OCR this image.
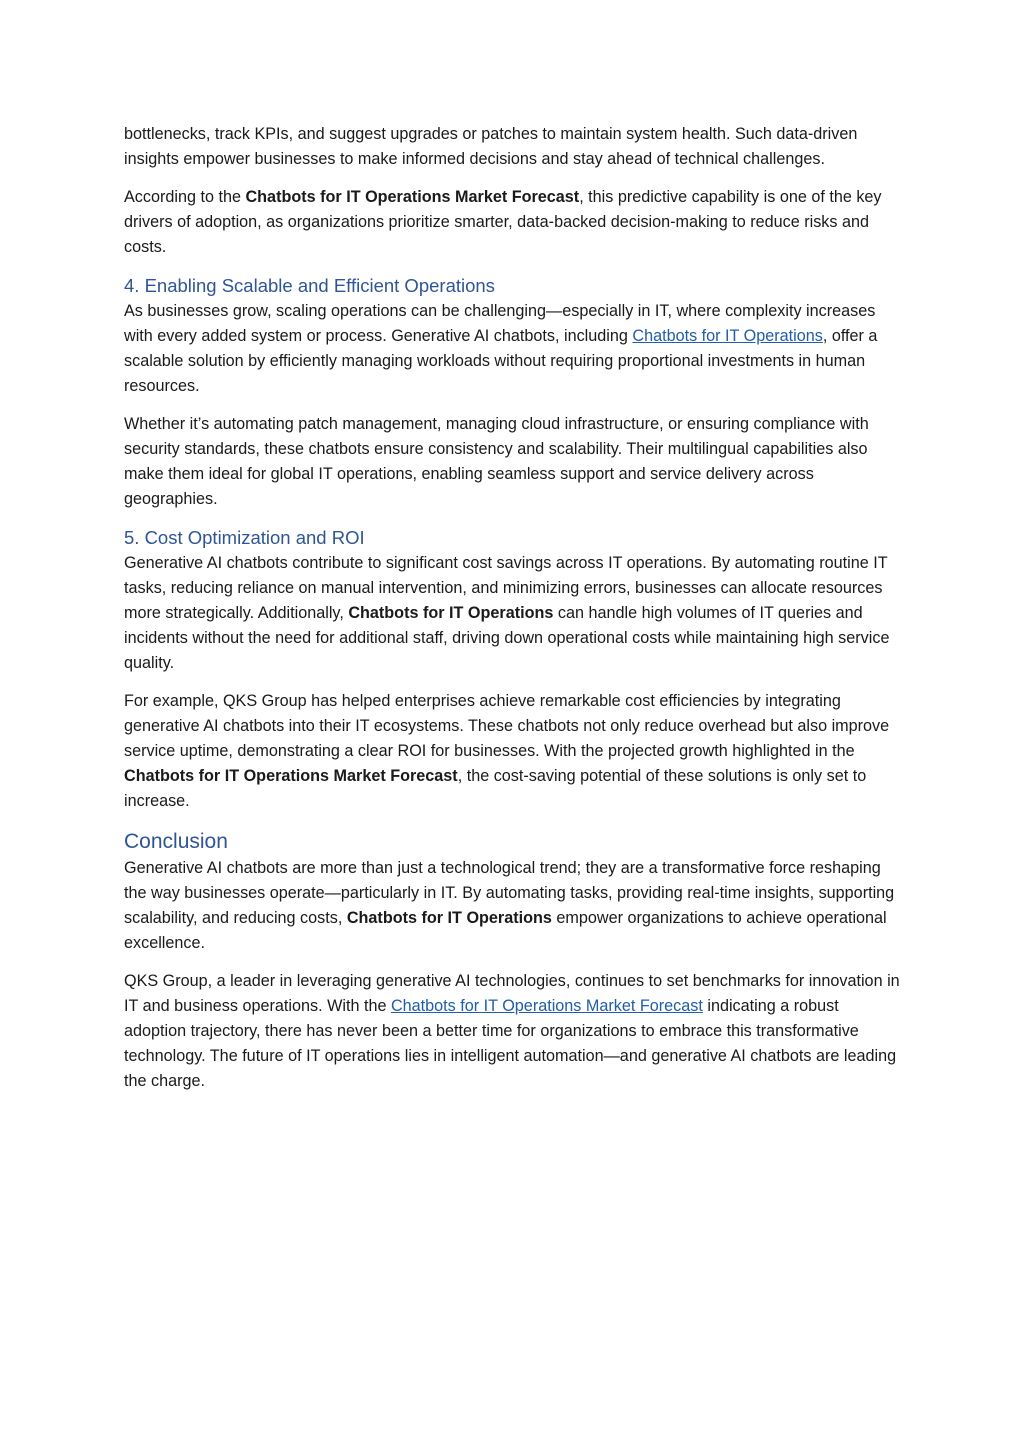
bottlenecks, track KPIs, and suggest upgrades or patches to maintain system health. Such data-driven insights empower businesses to make informed decisions and stay ahead of technical challenges.

According to the Chatbots for IT Operations Market Forecast, this predictive capability is one of the key drivers of adoption, as organizations prioritize smarter, data-backed decision-making to reduce risks and costs.

4. Enabling Scalable and Efficient Operations

As businesses grow, scaling operations can be challenging—especially in IT, where complexity increases with every added system or process. Generative AI chatbots, including Chatbots for IT Operations, offer a scalable solution by efficiently managing workloads without requiring proportional investments in human resources.

Whether it’s automating patch management, managing cloud infrastructure, or ensuring compliance with security standards, these chatbots ensure consistency and scalability. Their multilingual capabilities also make them ideal for global IT operations, enabling seamless support and service delivery across geographies.

5. Cost Optimization and ROI

Generative AI chatbots contribute to significant cost savings across IT operations. By automating routine IT tasks, reducing reliance on manual intervention, and minimizing errors, businesses can allocate resources more strategically. Additionally, Chatbots for IT Operations can handle high volumes of IT queries and incidents without the need for additional staff, driving down operational costs while maintaining high service quality.

For example, QKS Group has helped enterprises achieve remarkable cost efficiencies by integrating generative AI chatbots into their IT ecosystems. These chatbots not only reduce overhead but also improve service uptime, demonstrating a clear ROI for businesses. With the projected growth highlighted in the Chatbots for IT Operations Market Forecast, the cost-saving potential of these solutions is only set to increase.

Conclusion

Generative AI chatbots are more than just a technological trend; they are a transformative force reshaping the way businesses operate—particularly in IT. By automating tasks, providing real-time insights, supporting scalability, and reducing costs, Chatbots for IT Operations empower organizations to achieve operational excellence.

QKS Group, a leader in leveraging generative AI technologies, continues to set benchmarks for innovation in IT and business operations. With the Chatbots for IT Operations Market Forecast indicating a robust adoption trajectory, there has never been a better time for organizations to embrace this transformative technology. The future of IT operations lies in intelligent automation—and generative AI chatbots are leading the charge.
